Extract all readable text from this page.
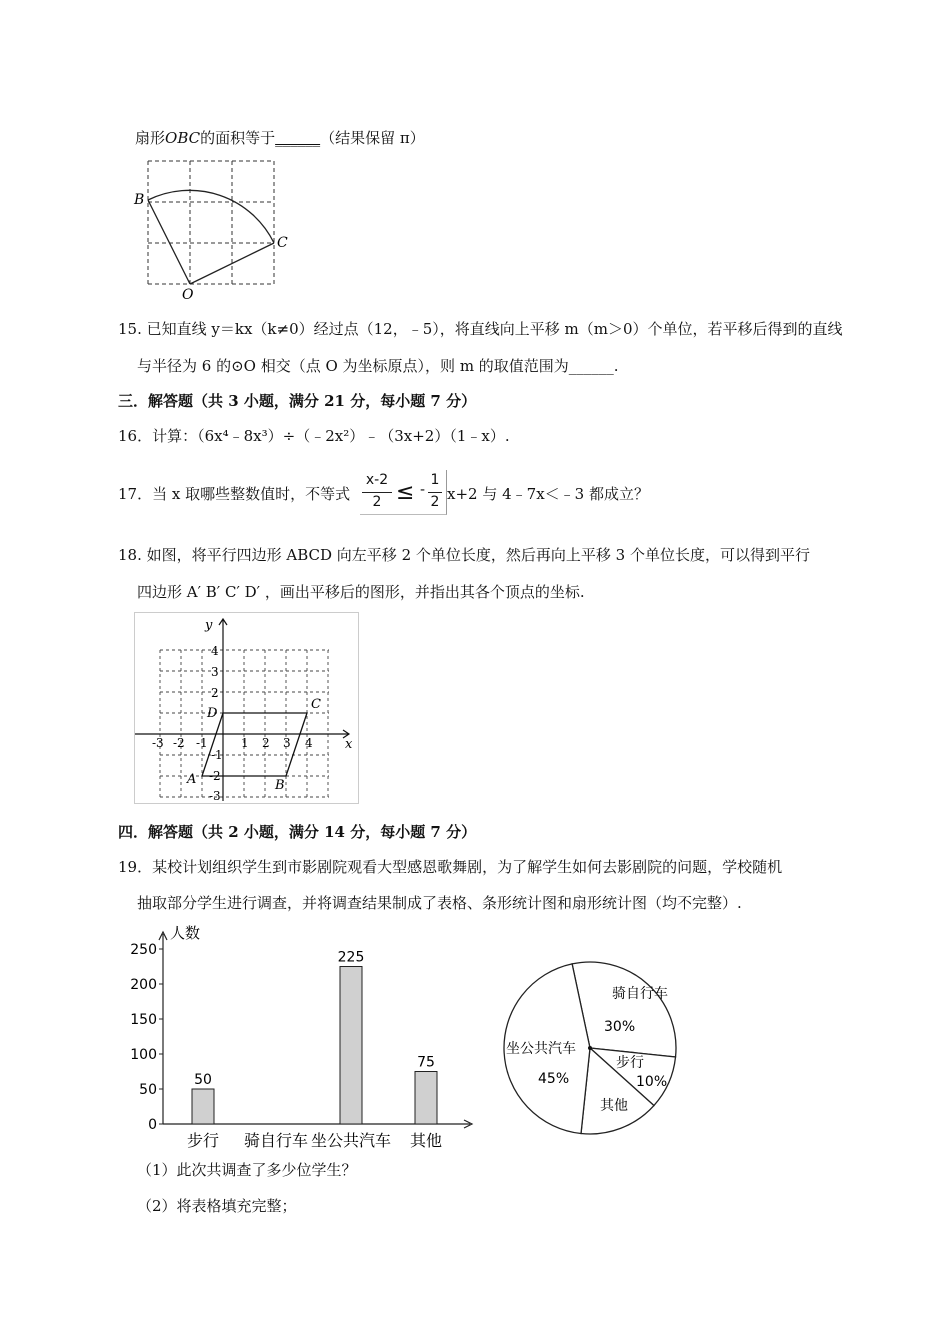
扇形OBC的面积等于______（结果保留 π）
B
C
O
15. 已知直线 y＝kx（k≠0）经过点（12，﹣5），将直线向上平移 m（m＞0）个单位，若平移后得到的直线
与半径为 6 的⊙O 相交（点 O 为坐标原点），则 m 的取值范围为______.
三．解答题（共 3 小题，满分 21 分，每小题 7 分）
16．计算：（6x⁴﹣8x³）÷（﹣2x²）﹣（3x+2）（1﹣x）.
17．当 x 取哪些整数值时，不等式
x-2
2 ≤ -
1
2 x+2 与 4﹣7x＜﹣3 都成立？
18. 如图，将平行四边形 ABCD 向左平移 2 个单位长度，然后再向上平移 3 个单位长度，可以得到平行
四边形 A′ B′ C′ D′ ，画出平移后的图形，并指出其各个顶点的坐标.
x
y
A	B
C
D
-3 -2 -1	1 2 3 4
4
3
2
-1
-2
-3
四．解答题（共 2 小题，满分 14 分，每小题 7 分）
19．某校计划组织学生到市影剧院观看大型感恩歌舞剧，为了解学生如何去影剧院的问题，学校随机
抽取部分学生进行调查，并将调查结果制成了表格、条形统计图和扇形统计图（均不完整）.
人数
0
50
100
150
200
250
50
225
75
步行 骑自行车 坐公共汽车 其他
骑自行车
30%
步行
10%
其他
坐公共汽车
45%
（1）此次共调查了多少位学生？
（2）将表格填充完整；
